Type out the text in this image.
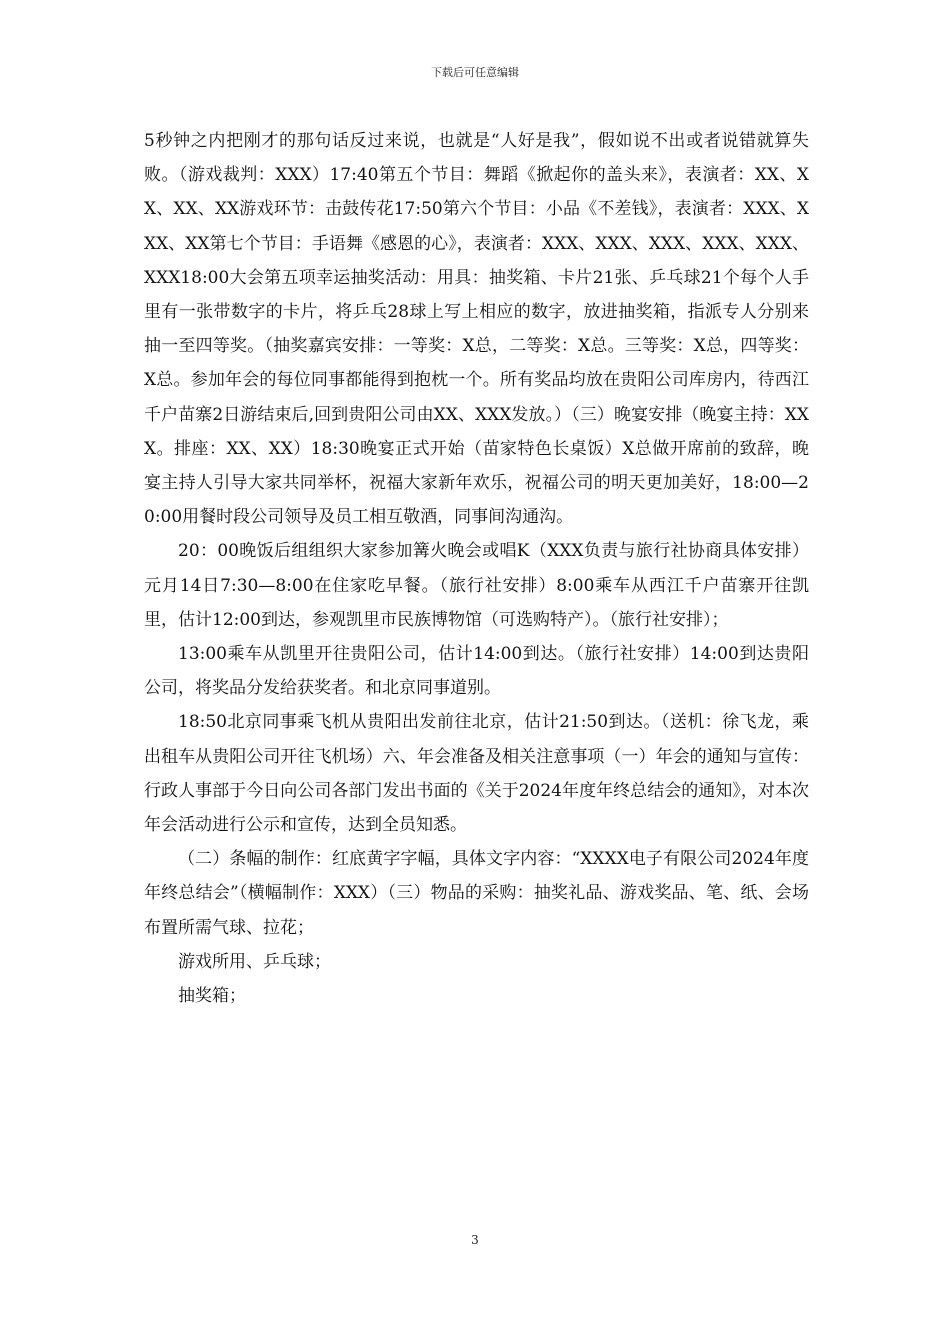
下载后可任意编辑

5秒钟之内把刚才的那句话反过来说，也就是“人好是我”，假如说不出或者说错就算失败。（游戏裁判：XXX）17:40第五个节目：舞蹈《掀起你的盖头来》，表演者：XX、XX、XX、XX游戏环节：击鼓传花17:50第六个节目：小品《不差钱》，表演者：XXX、XXX、XX第七个节目：手语舞《感恩的心》，表演者：XXX、XXX、XXX、XXX、XXX、XXX18:00大会第五项幸运抽奖活动：用具：抽奖箱、卡片21张、乒乓球21个每个人手里有一张带数字的卡片，将乒乓28球上写上相应的数字，放进抽奖箱，指派专人分别来抽一至四等奖。（抽奖嘉宾安排：一等奖：X总，二等奖：X总。三等奖：X总，四等奖：X总。参加年会的每位同事都能得到抱枕一个。所有奖品均放在贵阳公司库房内，待西江千户苗寨2日游结束后,回到贵阳公司由XX、XXX发放。）（三）晚宴安排（晚宴主持：XXX。排座：XX、XX）18:30晚宴正式开始（苗家特色长桌饭）X总做开席前的致辞，晚宴主持人引导大家共同举杯，祝福大家新年欢乐，祝福公司的明天更加美好，18:00—20:00用餐时段公司领导及员工相互敬酒，同事间沟通沟。

20：00晚饭后组组织大家参加篝火晚会或唱K（XXX负责与旅行社协商具体安排）元月14日7:30—8:00在住家吃早餐。（旅行社安排）8:00乘车从西江千户苗寨开往凯里，估计12:00到达，参观凯里市民族博物馆（可选购特产）。（旅行社安排）；

13:00乘车从凯里开往贵阳公司，估计14:00到达。（旅行社安排）14:00到达贵阳公司，将奖品分发给获奖者。和北京同事道别。

18:50北京同事乘飞机从贵阳出发前往北京，估计21:50到达。（送机：徐飞龙，乘出租车从贵阳公司开往飞机场）六、年会准备及相关注意事项（一）年会的通知与宣传：行政人事部于今日向公司各部门发出书面的《关于2024年度年终总结会的通知》，对本次年会活动进行公示和宣传，达到全员知悉。

（二）条幅的制作：红底黄字字幅，具体文字内容：“XXXX电子有限公司2024年度年终总结会”（横幅制作：XXX）（三）物品的采购：抽奖礼品、游戏奖品、笔、纸、会场布置所需气球、拉花；

游戏所用、乒乓球；

抽奖箱；

3
